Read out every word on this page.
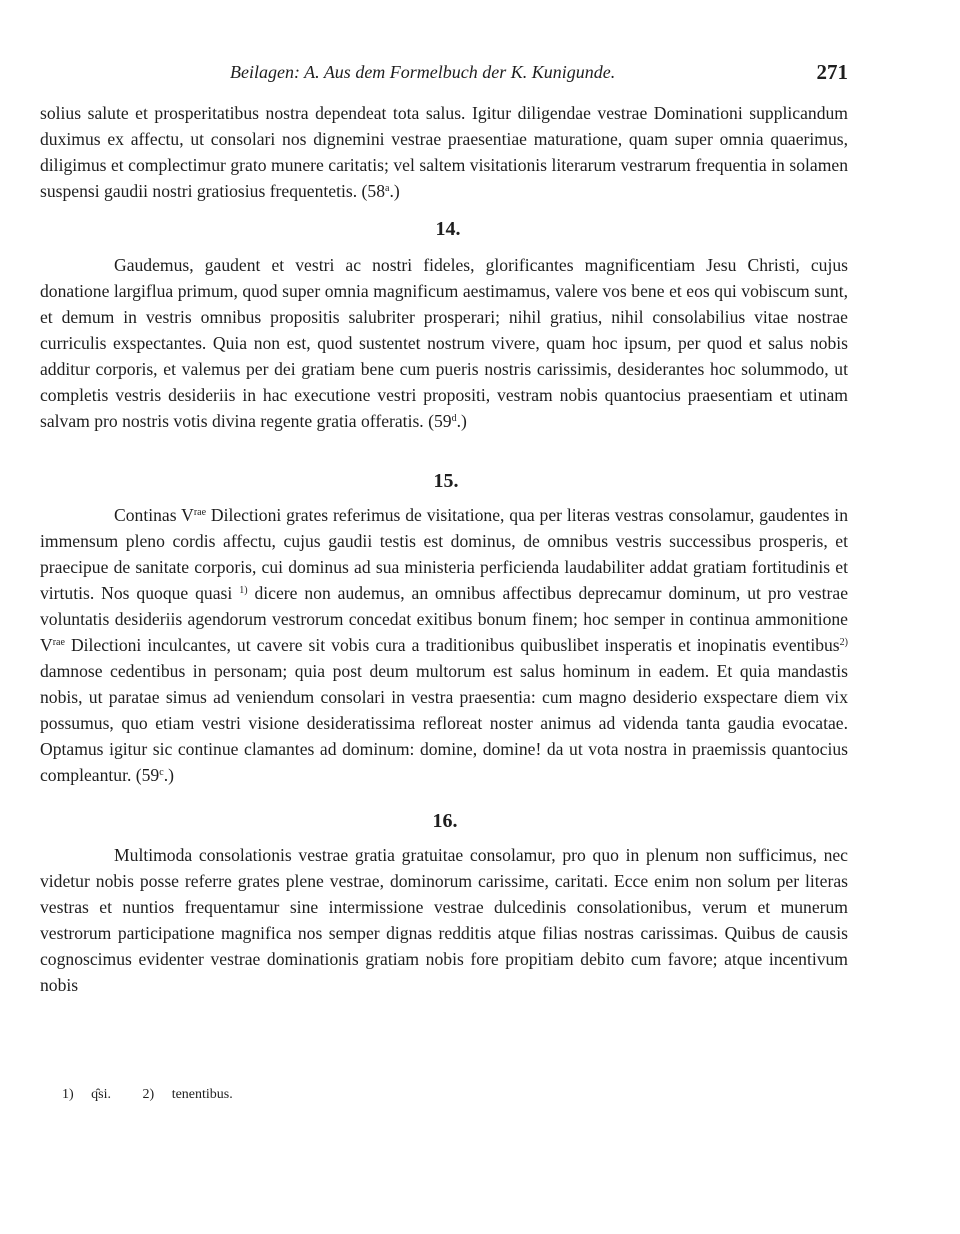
Beilagen: A. Aus dem Formelbuch der K. Kunigunde.	271

solius salute et prosperitatibus nostra dependeat tota salus. Igitur diligendae vestrae Dominationi supplicandum duximus ex affectu, ut consolari nos dignemini vestrae praesentiae maturatione, quam super omnia quaerimus, diligimus et complectimur grato munere caritatis; vel saltem visitationis literarum vestrarum frequentia in solamen suspensi gaudii nostri gratiosius frequentetis. (58$^a$.)

14.

Gaudemus, gaudent et vestri ac nostri fideles, glorificantes magnificentiam Jesu Christi, cujus donatione largiflua primum, quod super omnia magnificum aestimamus, valere vos bene et eos qui vobiscum sunt, et demum in vestris omnibus propositis salubriter prosperari; nihil gratius, nihil consolabilius vitae nostrae curriculis exspectantes. Quia non est, quod sustentet nostrum vivere, quam hoc ipsum, per quod et salus nobis additur corporis, et valemus per dei gratiam bene cum pueris nostris carissimis, desiderantes hoc solummodo, ut completis vestris desideriis in hac executione vestri propositi, vestram nobis quantocius praesentiam et utinam salvam pro nostris votis divina regente gratia offeratis. (59$^d$.)

15.

Continas $V^{rae}$ Dilectioni grates referimus de visitatione, qua per literas vestras consolamur, gaudentes in immensum pleno cordis affectu, cujus gaudii testis est dominus, de omnibus vestris successibus prosperis, et praecipue de sanitate corporis, cui dominus ad sua ministeria perficienda laudabiliter addat gratiam fortitudinis et virtutis. Nos quoque quasi $^{1)}$ dicere non audemus, an omnibus affectibus deprecamur dominum, ut pro vestrae voluntatis desideriis agendorum vestrorum concedat exitibus bonum finem; hoc semper in continua ammonitione $V^{rae}$ Dilectioni inculcantes, ut cavere sit vobis cura a traditionibus quibuslibet insperatis et inopinatis eventibus$^{2)}$ damnose cedentibus in personam; quia post deum multorum est salus hominum in eadem. Et quia mandastis nobis, ut paratae simus ad veniendum consolari in vestra praesentia: cum magno desiderio exspectare diem vix possumus, quo etiam vestri visione desideratissima refloreat noster animus ad videnda tanta gaudia evocatae. Optamus igitur sic continue clamantes ad dominum: domine, domine! da ut vota nostra in praemissis quantocius compleantur. (59$^c$.)

16.

Multimoda consolationis vestrae gratia gratuitae consolamur, pro quo in plenum non sufficimus, nec videtur nobis posse referre grates plene vestrae, dominorum carissime, caritati. Ecce enim non solum per literas vestras et nuntios frequentamur sine intermissione vestrae dulcedinis consolationibus, verum et munerum vestrorum participatione magnifica nos semper dignas redditis atque filias nostras carissimas. Quibus de causis cognoscimus evidenter vestrae dominationis gratiam nobis fore propitiam debito cum favore; atque incentivum nobis

1) q̑si. 2) tenentibus.
